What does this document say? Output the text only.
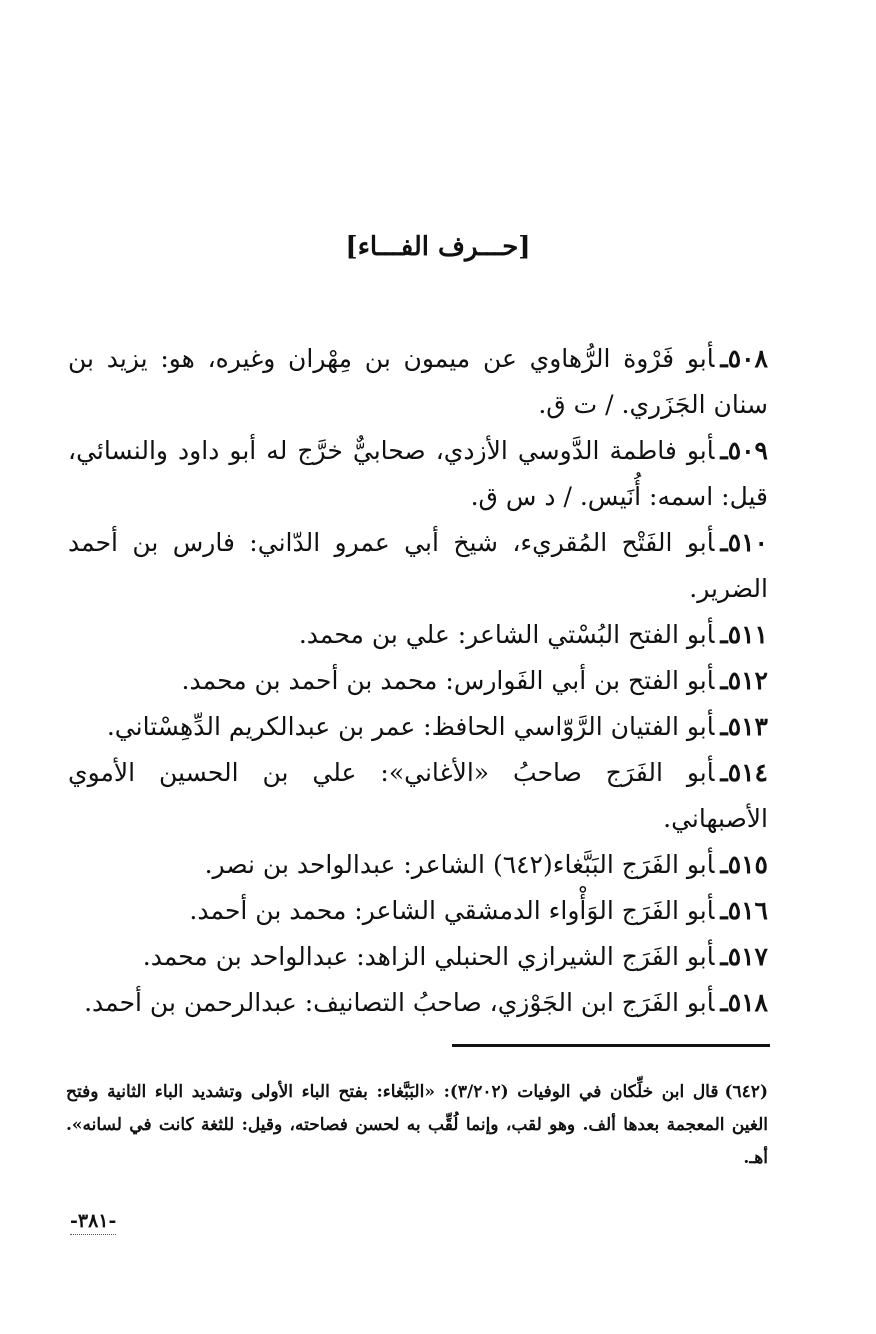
[حـــرف الفـــاء]

٥٠٨ـأبو فَرْوة الرُّهاوي عن ميمون بن مِهْران وغيره، هو: يزيد بن سنان الجَزَري. / ت ق.

٥٠٩ـأبو فاطمة الدَّوسي الأزدي، صحابيٌّ خرَّج له أبو داود والنسائي، قيل: اسمه: أُنَيس. / د س ق.

٥١٠ـأبو الفَتْح المُقريء، شيخ أبي عمرو الدّاني: فارس بن أحمد الضرير.

٥١١ـأبو الفتح البُسْتي الشاعر: علي بن محمد.

٥١٢ـأبو الفتح بن أبي الفَوارس: محمد بن أحمد بن محمد.

٥١٣ـأبو الفتيان الرَّوّاسي الحافظ: عمر بن عبدالكريم الدِّهِسْتاني.

٥١٤ـأبو الفَرَج صاحبُ «الأغاني»: علي بن الحسين الأموي الأصبهاني.

٥١٥ـأبو الفَرَج البَبَّغاء(٦٤٢) الشاعر: عبدالواحد بن نصر.

٥١٦ـأبو الفَرَج الوَأْواء الدمشقي الشاعر: محمد بن أحمد.

٥١٧ـأبو الفَرَج الشيرازي الحنبلي الزاهد: عبدالواحد بن محمد.

٥١٨ـأبو الفَرَج ابن الجَوْزي، صاحبُ التصانيف: عبدالرحمن بن أحمد.

(٦٤٢)قال ابن خلِّكان في الوفيات (٣/٢٠٢): «البَبَّغاء: بفتح الباء الأولى وتشديد الباء الثانية وفتح الغين المعجمة بعدها ألف. وهو لقب، وإنما لُقِّب به لحسن فصاحته، وقيل: للثغة كانت في لسانه». أهـ.
-٣٨١-
